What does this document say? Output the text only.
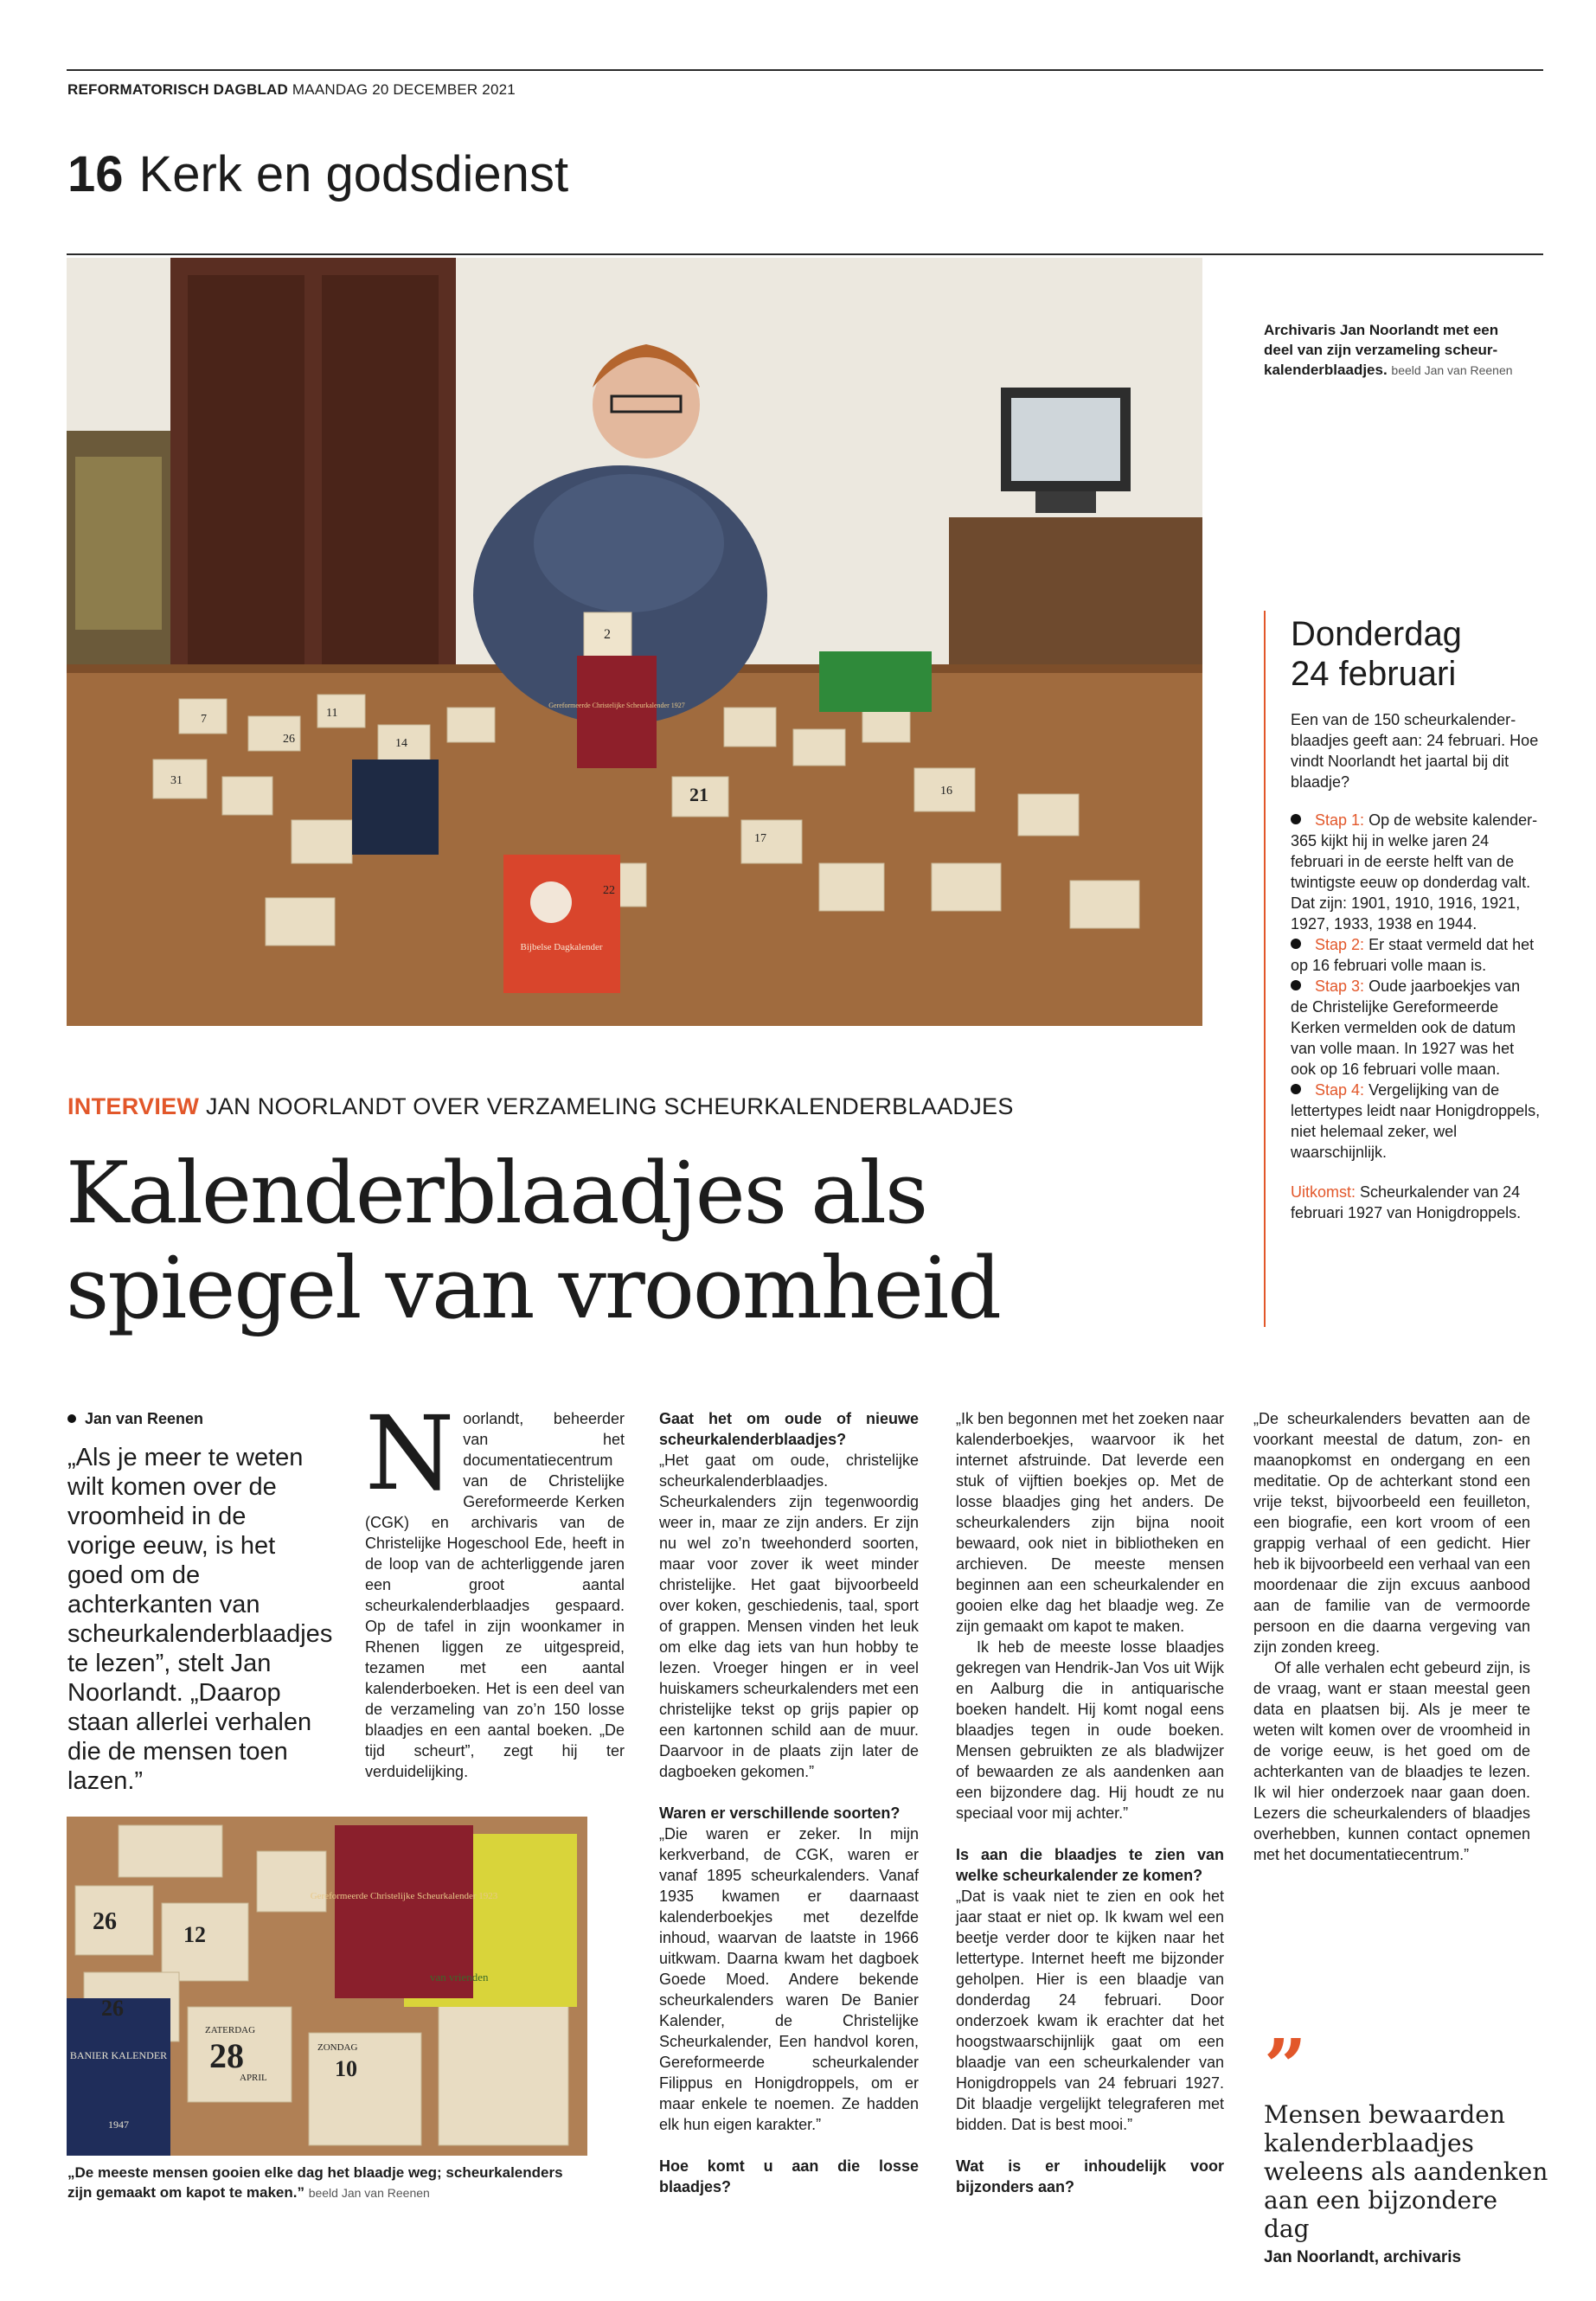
REFORMATORISCH DAGBLAD MAANDAG 20 DECEMBER 2021
16 Kerk en godsdienst
2
Gereformeerde Christelijke Scheurkalender 1927
Bijbelse Dagkalender
7	11
14
17
21
22
16
26
31
Archivaris Jan Noorlandt met een deel van zijn verzameling scheurkalenderblaadjes. beeld Jan van Reenen
INTERVIEW JAN NOORLANDT OVER VERZAMELING SCHEURKALENDERBLAADJES
Kalenderblaadjes als
spiegel van vroomheid
Donderdag
24 februari
Een van de 150 scheurkalenderblaadjes geeft aan: 24 februari. Hoe vindt Noorlandt het jaartal bij dit blaadje?
Stap 1: Op de website kalender-365 kijkt hij in welke jaren 24 februari in de eerste helft van de twintigste eeuw op donderdag valt. Dat zijn: 1901, 1910, 1916, 1921, 1927, 1933, 1938 en 1944.
Stap 2: Er staat vermeld dat het op 16 februari volle maan is.
Stap 3: Oude jaarboekjes van de Christelijke Gereformeerde Kerken vermelden ook de datum van volle maan. In 1927 was het ook op 16 februari volle maan.
Stap 4: Vergelijking van de lettertypes leidt naar Honigdroppels, niet helemaal zeker, wel waarschijnlijk.
Uitkomst: Scheurkalender van 24 februari 1927 van Honigdroppels.
Jan van Reenen
„Als je meer te weten wilt komen over de vroomheid in de vorige eeuw, is het goed om de achterkanten van scheurkalenderblaadjes te lezen”, stelt Jan Noorlandt. „Daarop staan allerlei verhalen die de mensen toen lazen.”

Noorlandt, beheerder van het documentatiecentrum van de Christelijke Gereformeerde Kerken (CGK) en archivaris van de Christelijke Hogeschool Ede, heeft in de loop van de achterliggende jaren een groot aantal scheurkalenderblaadjes gespaard. Op de tafel in zijn woonkamer in Rhenen liggen ze uitgespreid, tezamen met een aantal kalenderboeken. Het is een deel van de verzameling van zo’n 150 losse blaadjes en een aantal boeken. „De tijd scheurt”, zegt hij ter verduidelijking.

Gereformeerde Christelijke Scheurkalender 1923
BANIER KALENDER
1947
26	12
26
10
28
ZATERDAG
APRIL
ZONDAG
van vrienden
„De meeste mensen gooien elke dag het blaadje weg; scheurkalenders zijn gemaakt om kapot te maken.” beeld Jan van Reenen

Gaat het om oude of nieuwe scheurkalenderblaadjes?

„Het gaat om oude, christelijke scheurkalenderblaadjes. Scheurkalenders zijn tegenwoordig weer in, maar ze zijn anders. Er zijn nu wel zo’n tweehonderd soorten, maar voor zover ik weet minder christelijke. Het gaat bijvoorbeeld over koken, geschiedenis, taal, sport of grappen. Mensen vinden het leuk om elke dag iets van hun hobby te lezen. Vroeger hingen er in veel huiskamers scheurkalenders met een christelijke tekst op grijs papier op een kartonnen schild aan de muur. Daarvoor in de plaats zijn later de dagboeken gekomen.”

Waren er verschillende soorten?

„Die waren er zeker. In mijn kerkverband, de CGK, waren er vanaf 1895 scheurkalenders. Vanaf 1935 kwamen er daarnaast kalenderboekjes met dezelfde inhoud, waarvan de laatste in 1966 uitkwam. Daarna kwam het dagboek Goede Moed. Andere bekende scheurkalenders waren De Banier Kalender, de Christelijke Scheurkalender, Een handvol koren, Gereformeerde scheurkalender Filippus en Honigdroppels, om er maar enkele te noemen. Ze hadden elk hun eigen karakter.”

Hoe komt u aan die losse blaadjes?

„Ik ben begonnen met het zoeken naar kalenderboekjes, waarvoor ik het internet afstruinde. Dat leverde een stuk of vijftien boekjes op. Met de losse blaadjes ging het anders. De scheurkalenders zijn bijna nooit bewaard, ook niet in bibliotheken en archieven. De meeste mensen beginnen aan een scheurkalender en gooien elke dag het blaadje weg. Ze zijn gemaakt om kapot te maken.

Ik heb de meeste losse blaadjes gekregen van Hendrik-Jan Vos uit Wijk en Aalburg die in antiquarische boeken handelt. Hij komt nogal eens blaadjes tegen in oude boeken. Mensen gebruikten ze als bladwijzer of bewaarden ze als aandenken aan een bijzondere dag. Hij houdt ze nu speciaal voor mij achter.”

Is aan die blaadjes te zien van welke scheurkalender ze komen?

„Dat is vaak niet te zien en ook het jaar staat er niet op. Ik kwam wel een beetje verder door te kijken naar het lettertype. Internet heeft me bijzonder geholpen. Hier is een blaadje van donderdag 24 februari. Door onderzoek kwam ik erachter dat het hoogstwaarschijnlijk gaat om een blaadje van een scheurkalender van Honigdroppels van 24 februari 1927. Dit blaadje vergelijkt telegraferen met bidden. Dat is best mooi.”

Wat is er inhoudelijk voor bijzonders aan?

„De scheurkalenders bevatten aan de voorkant meestal de datum, zon- en maanopkomst en ondergang en een meditatie. Op de achterkant stond een vrije tekst, bijvoorbeeld een feuilleton, een biografie, een kort vroom of een grappig verhaal of een gedicht. Hier heb ik bijvoorbeeld een verhaal van een moordenaar die zijn excuus aanbood aan de familie van de vermoorde persoon en die daarna vergeving van zijn zonden kreeg.

Of alle verhalen echt gebeurd zijn, is de vraag, want er staan meestal geen data en plaatsen bij. Als je meer te weten wilt komen over de vroomheid in de vorige eeuw, is het goed om de achterkanten van de blaadjes te lezen. Ik wil hier onderzoek naar gaan doen. Lezers die scheurkalenders of blaadjes overhebben, kunnen contact opnemen met het documentatiecentrum.”

”
Mensen bewaarden kalenderblaadjes weleens als aandenken aan een bijzondere dag
Jan Noorlandt, archivaris
